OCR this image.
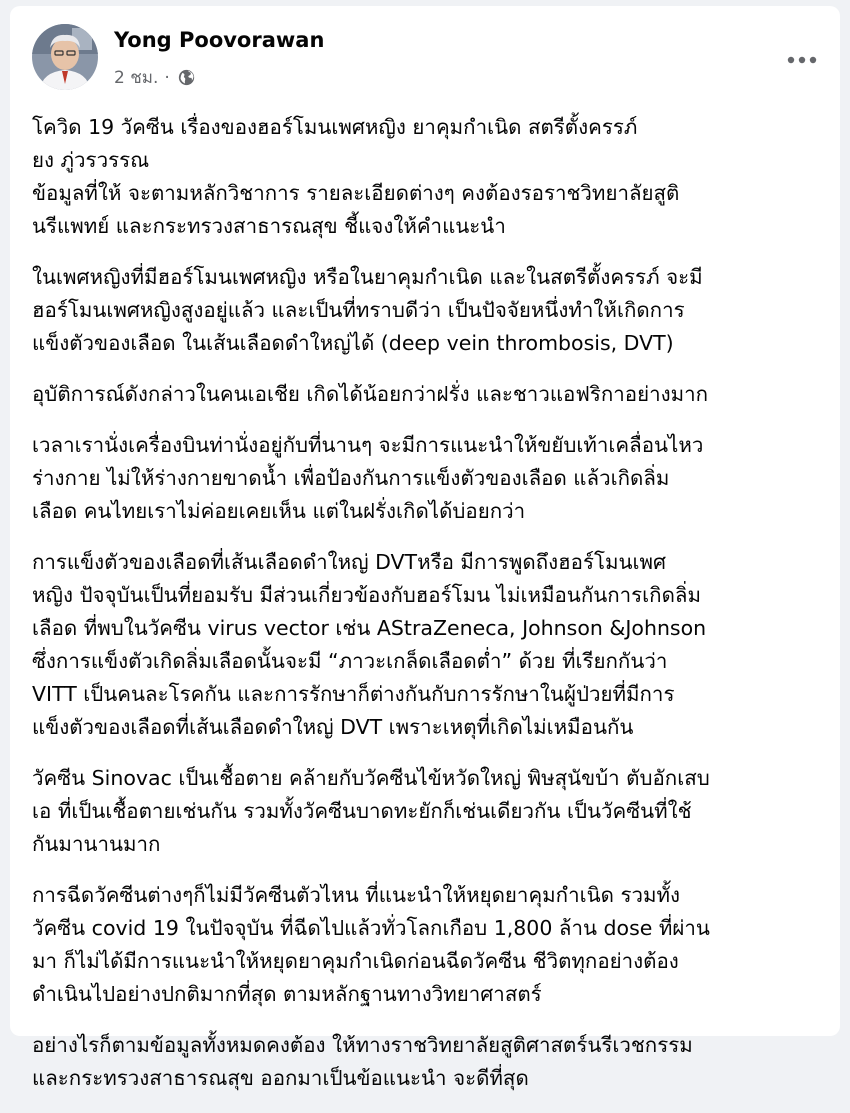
Yong Poovorawan
2 ชม. ·

โควิด 19 วัคซีน เรื่องของฮอร์โมนเพศหญิง ยาคุมกำเนิด สตรีตั้งครรภ์
ยง ภู่วรวรรณ
ข้อมูลที่ให้ จะตามหลักวิชาการ รายละเอียดต่างๆ คงต้องรอราชวิทยาลัยสูติ
นรีแพทย์ และกระทรวงสาธารณสุข ชี้แจงให้คำแนะนำ

ในเพศหญิงที่มีฮอร์โมนเพศหญิง หรือในยาคุมกำเนิด และในสตรีตั้งครรภ์ จะมี
ฮอร์โมนเพศหญิงสูงอยู่แล้ว และเป็นที่ทราบดีว่า เป็นปัจจัยหนึ่งทำให้เกิดการ
แข็งตัวของเลือด ในเส้นเลือดดำใหญ่ได้ (deep vein thrombosis, DVT)

อุบัติการณ์ดังกล่าวในคนเอเชีย เกิดได้น้อยกว่าฝรั่ง และชาวแอฟริกาอย่างมาก

เวลาเรานั่งเครื่องบินท่านั่งอยู่กับที่นานๆ จะมีการแนะนำให้ขยับเท้าเคลื่อนไหว
ร่างกาย ไม่ให้ร่างกายขาดน้ำ เพื่อป้องกันการแข็งตัวของเลือด แล้วเกิดลิ่ม
เลือด คนไทยเราไม่ค่อยเคยเห็น แต่ในฝรั่งเกิดได้บ่อยกว่า

การแข็งตัวของเลือดที่เส้นเลือดดำใหญ่ DVTหรือ มีการพูดถึงฮอร์โมนเพศ
หญิง ปัจจุบันเป็นที่ยอมรับ มีส่วนเกี่ยวข้องกับฮอร์โมน ไม่เหมือนกันการเกิดลิ่ม
เลือด ที่พบในวัคซีน virus vector เช่น AStraZeneca, Johnson &Johnson
ซึ่งการแข็งตัวเกิดลิ่มเลือดนั้นจะมี “ภาวะเกล็ดเลือดต่ำ” ด้วย ที่เรียกกันว่า
VITT เป็นคนละโรคกัน และการรักษาก็ต่างกันกับการรักษาในผู้ป่วยที่มีการ
แข็งตัวของเลือดที่เส้นเลือดดำใหญ่ DVT เพราะเหตุที่เกิดไม่เหมือนกัน

วัคซีน Sinovac เป็นเชื้อตาย คล้ายกับวัคซีนไข้หวัดใหญ่ พิษสุนัขบ้า ตับอักเสบ
เอ ที่เป็นเชื้อตายเช่นกัน รวมทั้งวัคซีนบาดทะยักก็เช่นเดียวกัน เป็นวัคซีนที่ใช้
กันมานานมาก

การฉีดวัคซีนต่างๆก็ไม่มีวัคซีนตัวไหน ที่แนะนำให้หยุดยาคุมกำเนิด รวมทั้ง
วัคซีน covid 19 ในปัจจุบัน ที่ฉีดไปแล้วทั่วโลกเกือบ 1,800 ล้าน dose ที่ผ่าน
มา ก็ไม่ได้มีการแนะนำให้หยุดยาคุมกำเนิดก่อนฉีดวัคซีน ชีวิตทุกอย่างต้อง
ดำเนินไปอย่างปกติมากที่สุด ตามหลักฐานทางวิทยาศาสตร์

อย่างไรก็ตามข้อมูลทั้งหมดคงต้อง ให้ทางราชวิทยาลัยสูติศาสตร์นรีเวชกรรม
และกระทรวงสาธารณสุข ออกมาเป็นข้อแนะนำ จะดีที่สุด
